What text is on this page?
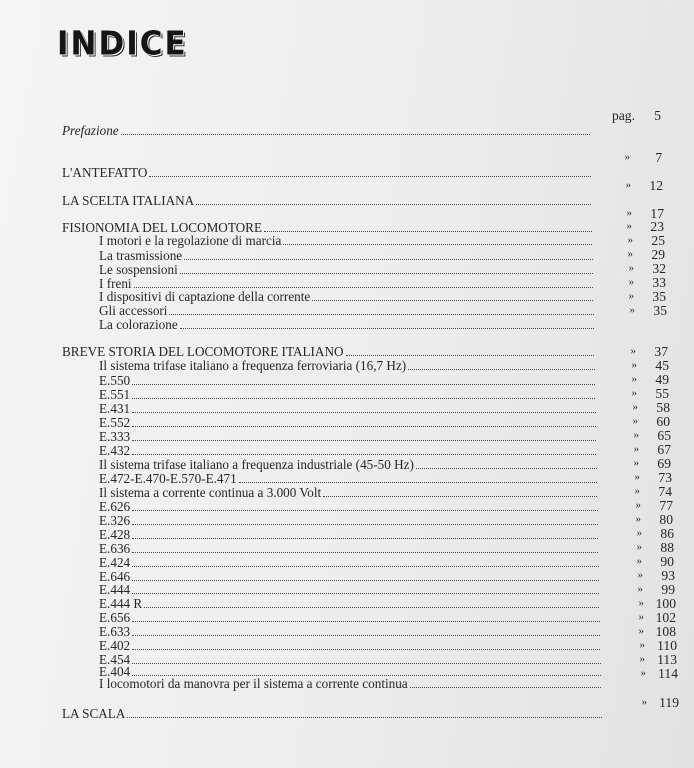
INDICE
Prefazione
L'ANTEFATTO
LA SCELTA ITALIANA
FISIONOMIA DEL LOCOMOTORE
I motori e la regolazione di marcia
La trasmissione
Le sospensioni
I freni
I dispositivi di captazione della corrente
Gli accessori
La colorazione
BREVE STORIA DEL LOCOMOTORE ITALIANO
Il sistema trifase italiano a frequenza ferroviaria (16,7 Hz)
E.550
E.551
E.431
E.552
E.333
E.432
Il sistema trifase italiano a frequenza industriale (45-50 Hz)
E.472-E.470-E.570-E.471
Il sistema a corrente continua a 3.000 Volt
E.626
E.326
E.428
E.636
E.424
E.646
E.444
E.444 R
E.656
E.633
E.402
E.454
E.404
I locomotori da manovra per il sistema a corrente continua
LA SCALA
pag. 5
» 7
» 12
» 17
» 23
» 25
» 29
» 32
» 33
» 35
» 35
» 37
» 45
» 49
» 55
» 58
» 60
» 65
» 67
» 69
» 73
» 74
» 77
» 80
» 86
» 88
» 90
» 93
» 99
» 100
» 102
» 108
» 110
» 113
» 114
» 119
